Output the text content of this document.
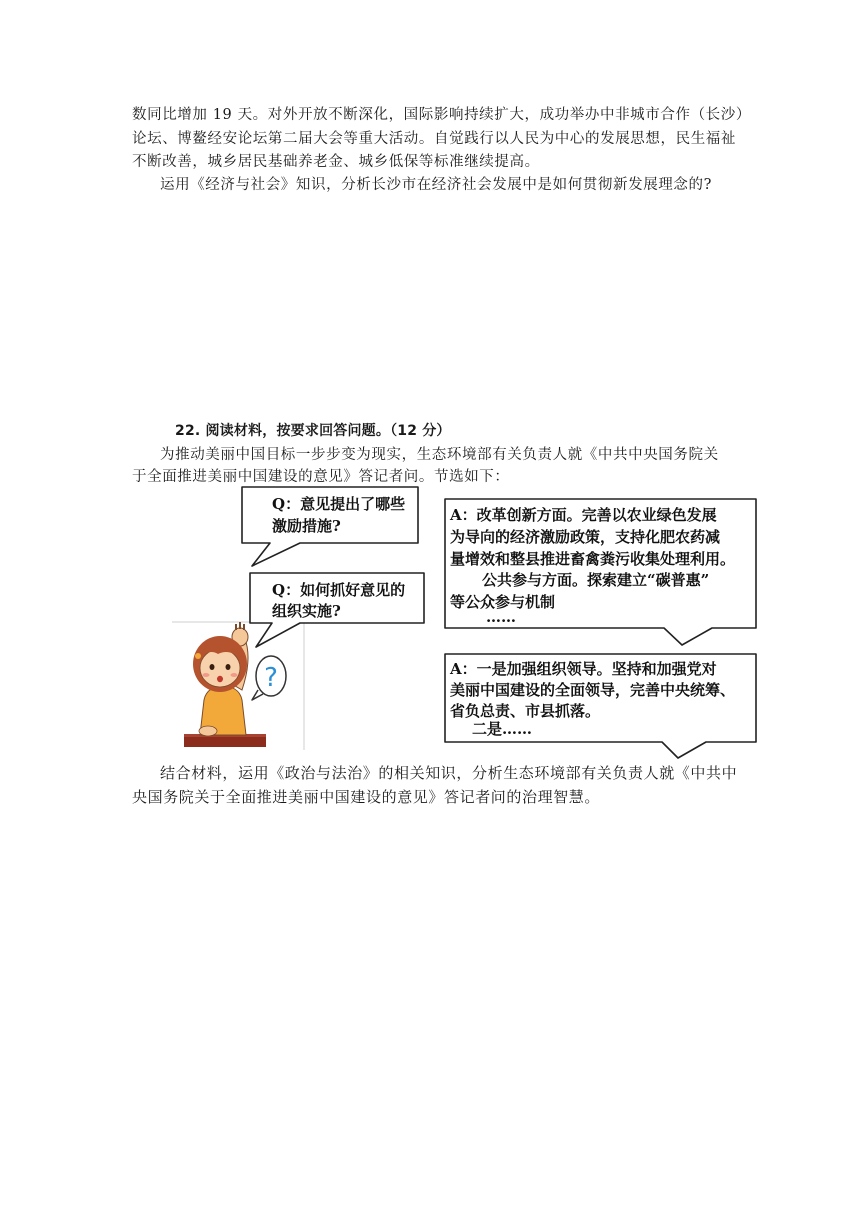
数同比增加 19 天。对外开放不断深化，国际影响持续扩大，成功举办中非城市合作（长沙）
论坛、博鳌经安论坛第二届大会等重大活动。自觉践行以人民为中心的发展思想，民生福祉
不断改善，城乡居民基础养老金、城乡低保等标准继续提高。
运用《经济与社会》知识，分析长沙市在经济社会发展中是如何贯彻新发展理念的?
22. 阅读材料，按要求回答问题。（12 分）
为推动美丽中国目标一步步变为现实，生态环境部有关负责人就《中共中央国务院关
于全面推进美丽中国建设的意见》答记者问。节选如下：
?
Q：意见提出了哪些
激励措施?
Q：如何抓好意见的
组织实施?
A：改革创新方面。完善以农业绿色发展
为导向的经济激励政策，支持化肥农药减
量增效和整县推进畜禽粪污收集处理利用。
公共参与方面。探索建立“碳普惠”
等公众参与机制
……
A：一是加强组织领导。坚持和加强党对
美丽中国建设的全面领导，完善中央统筹、
省负总责、市县抓落。
二是……
结合材料，运用《政治与法治》的相关知识，分析生态环境部有关负责人就《中共中
央国务院关于全面推进美丽中国建设的意见》答记者问的治理智慧。
